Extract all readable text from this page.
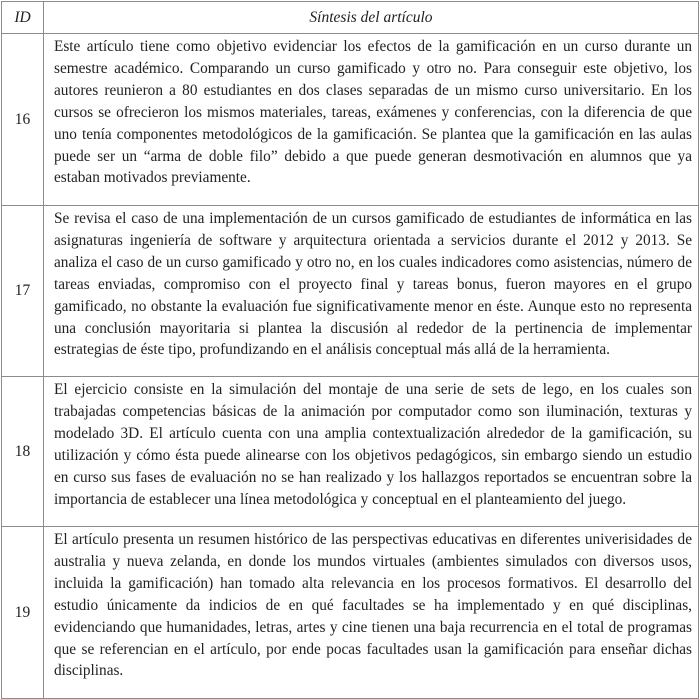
ID	Síntesis del artículo
16	Este artículo tiene como objetivo evidenciar los efectos de la gamificación en un curso durante un semestre académico. Comparando un curso gamificado y otro no. Para conseguir este objetivo, los autores reunieron a 80 estudiantes en dos clases separadas de un mismo curso universitario. En los cursos se ofrecieron los mismos materiales, tareas, exámenes y conferencias, con la diferencia de que uno tenía componentes metodológicos de la gamificación. Se plantea que la gamificación en las aulas puede ser un “arma de doble filo” debido a que puede generan desmotivación en alumnos que ya estaban motivados previamente.
17	Se revisa el caso de una implementación de un cursos gamificado de estudiantes de informática en las asignaturas ingeniería de software y arquitectura orientada a servicios durante el 2012 y 2013. Se analiza el caso de un curso gamificado y otro no, en los cuales indicadores como asistencias, número de tareas enviadas, compromiso con el proyecto final y tareas bonus, fueron mayores en el grupo gamificado, no obstante la evaluación fue significativamente menor en éste. Aunque esto no representa una conclusión mayoritaria si plantea la discusión al rededor de la pertinencia de implementar estrategias de éste tipo, profundizando en el análisis conceptual más allá de la herramienta.
18	El ejercicio consiste en la simulación del montaje de una serie de sets de lego, en los cuales son trabajadas competencias básicas de la animación por computador como son iluminación, texturas y modelado 3D. El artículo cuenta con una amplia contextualización alrededor de la gamificación, su utilización y cómo ésta puede alinearse con los objetivos pedagógicos, sin embargo siendo un estudio en curso sus fases de evaluación no se han realizado y los hallazgos reportados se encuentran sobre la importancia de establecer una línea metodológica y conceptual en el planteamiento del juego.
19	El artículo presenta un resumen histórico de las perspectivas educativas en diferentes univerisidades de australia y nueva zelanda, en donde los mundos virtuales (ambientes simulados con diversos usos, incluida la gamificación) han tomado alta relevancia en los procesos formativos. El desarrollo del estudio únicamente da indicios de en qué facultades se ha implementado y en qué disciplinas, evidenciando que humanidades, letras, artes y cine tienen una baja recurrencia en el total de programas que se referencian en el artículo, por ende pocas facultades usan la gamificación para enseñar dichas disciplinas.
